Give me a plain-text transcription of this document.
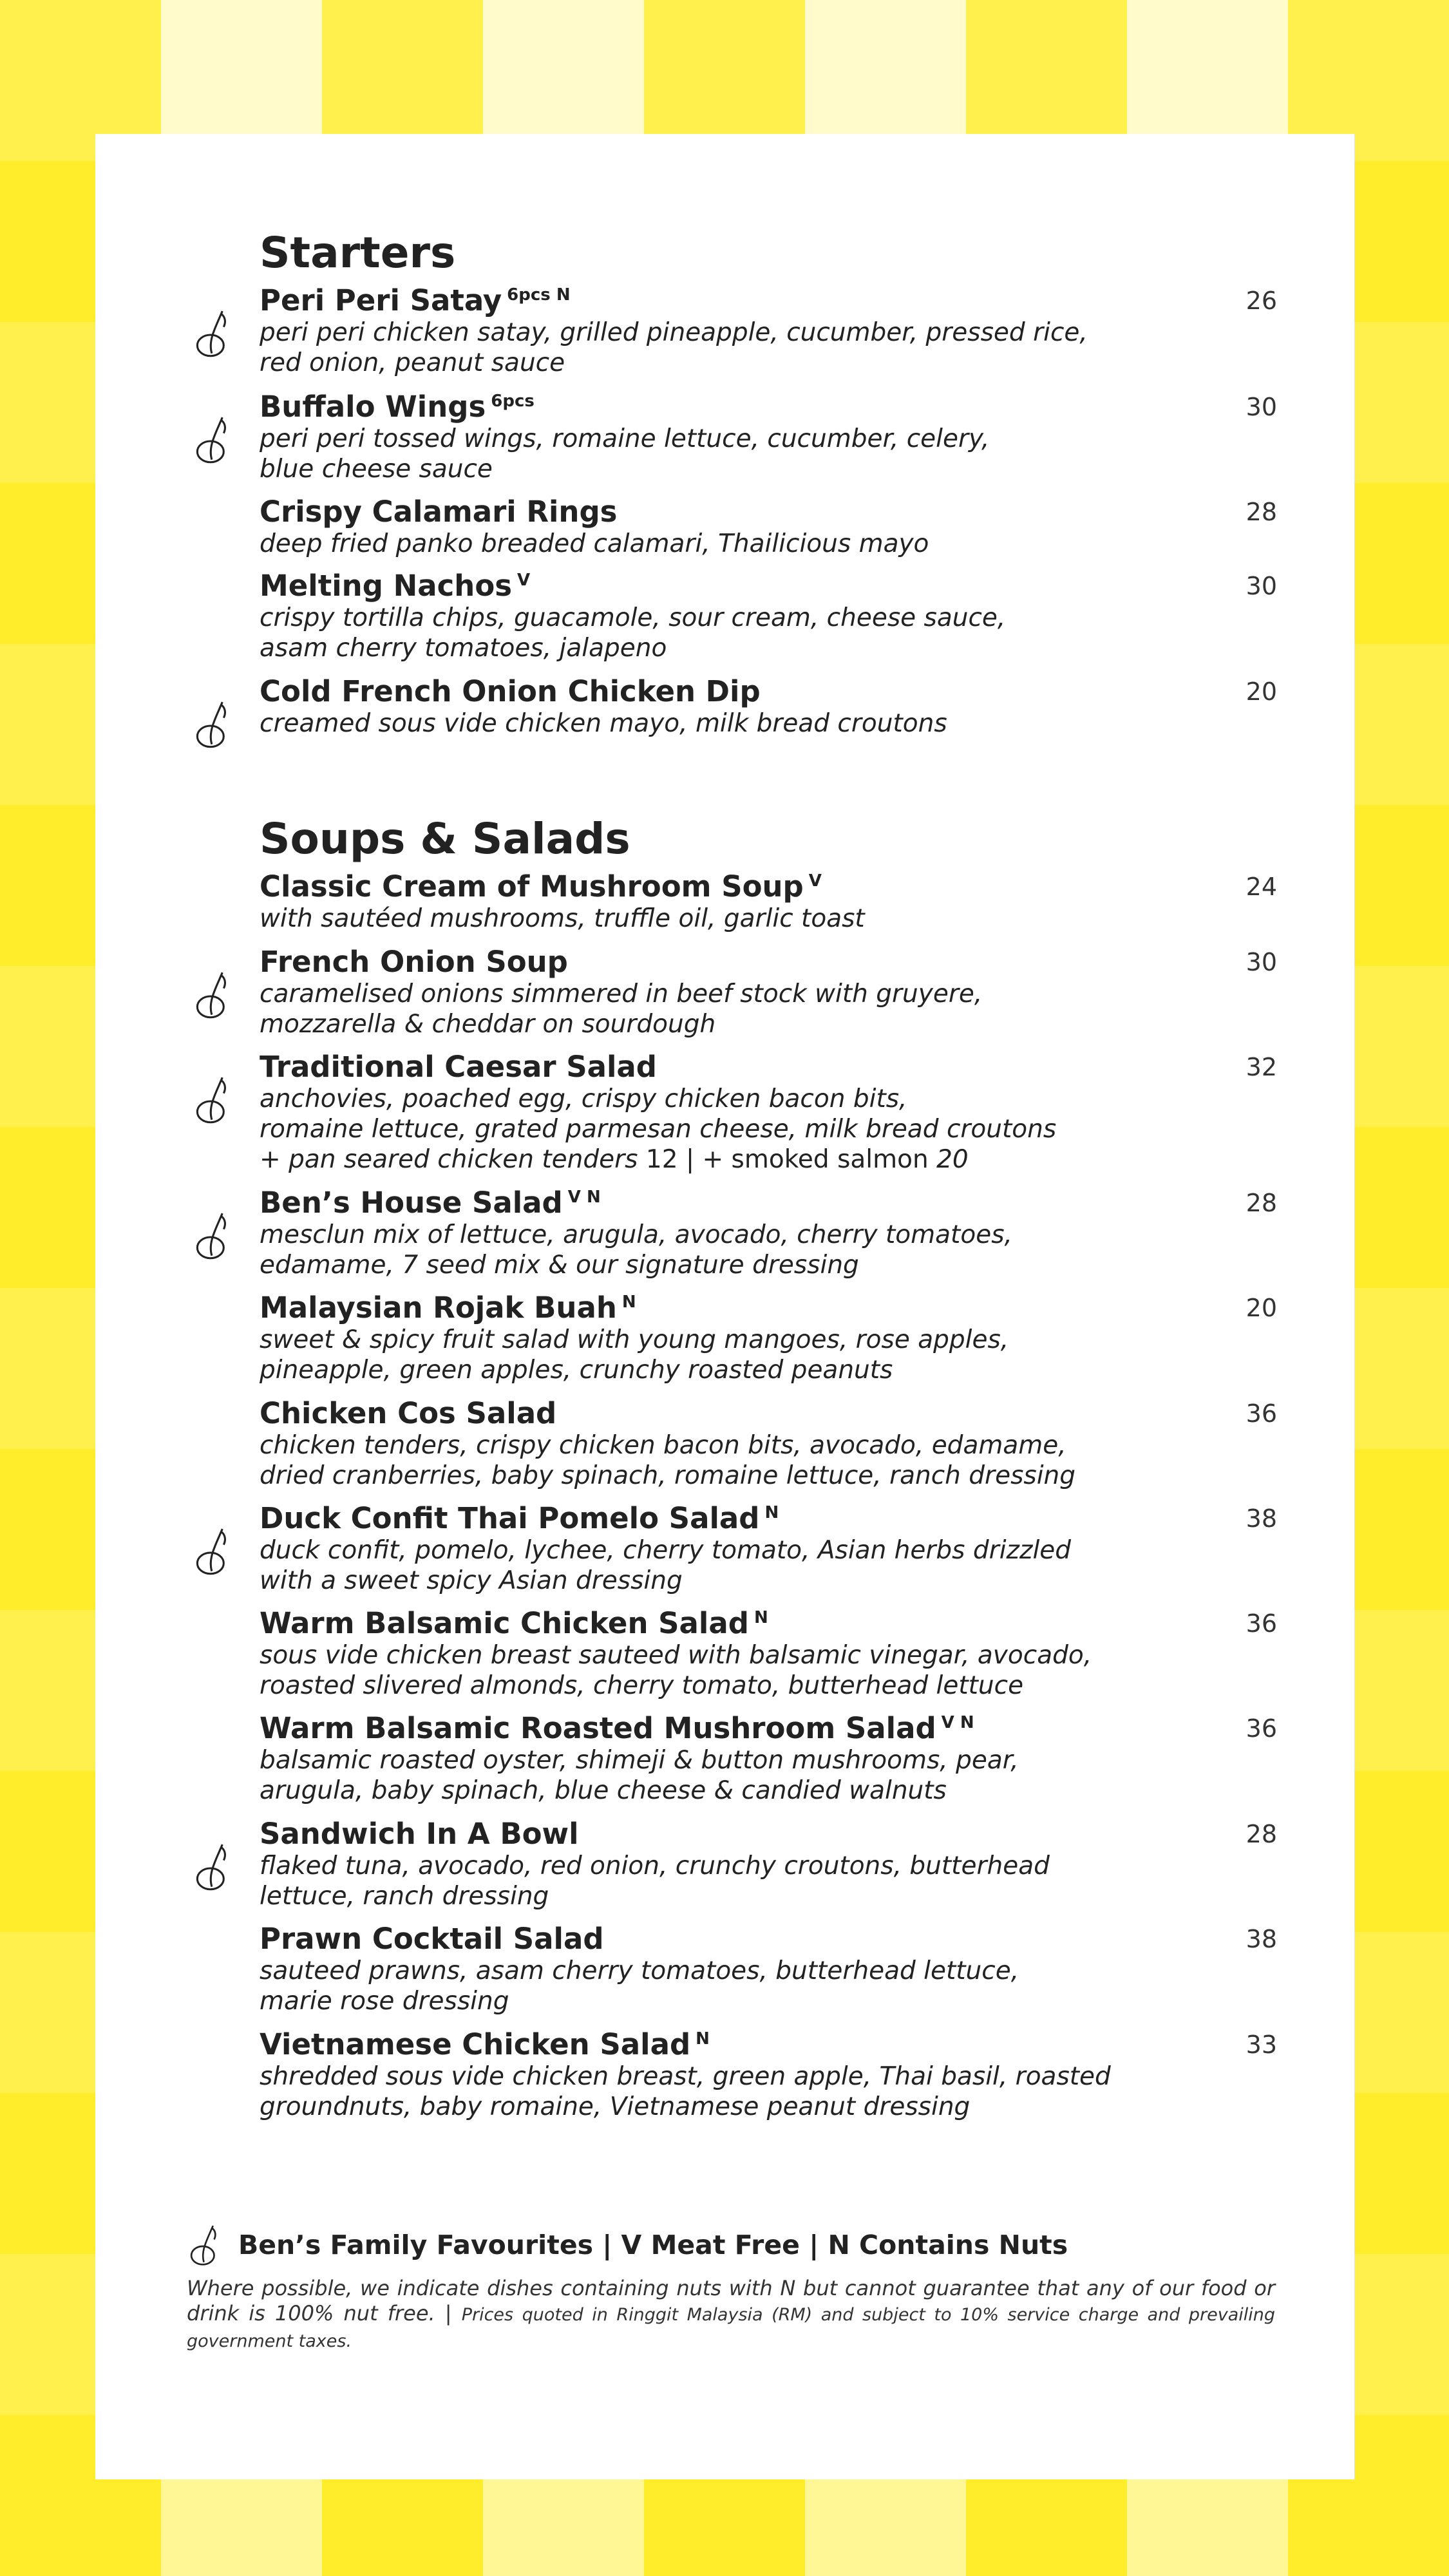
Starters
Peri Peri Satay $^{6pcs N}$
peri peri chicken satay, grilled pineapple, cucumber, pressed rice,
red onion, peanut sauce
26
Buffalo Wings $^{6pcs}$
peri peri tossed wings, romaine lettuce, cucumber, celery,
blue cheese sauce
30
Crispy Calamari Rings
deep fried panko breaded calamari, Thailicious mayo
28
Melting Nachos $^V$
crispy tortilla chips, guacamole, sour cream, cheese sauce,
asam cherry tomatoes, jalapeno
30
Cold French Onion Chicken Dip
creamed sous vide chicken mayo, milk bread croutons
20
Soups & Salads
Classic Cream of Mushroom Soup $^V$
with sautéed mushrooms, truffle oil, garlic toast
24
French Onion Soup
caramelised onions simmered in beef stock with gruyere,
mozzarella & cheddar on sourdough
30
Traditional Caesar Salad
anchovies, poached egg, crispy chicken bacon bits,
romaine lettuce, grated parmesan cheese, milk bread croutons
+ pan seared chicken tenders 12 | + smoked salmon 20
32
Ben’s House Salad $^{V N}$
mesclun mix of lettuce, arugula, avocado, cherry tomatoes,
edamame, 7 seed mix & our signature dressing
28
Malaysian Rojak Buah $^N$
sweet & spicy fruit salad with young mangoes, rose apples,
pineapple, green apples, crunchy roasted peanuts
20
Chicken Cos Salad
chicken tenders, crispy chicken bacon bits, avocado, edamame,
dried cranberries, baby spinach, romaine lettuce, ranch dressing
36
Duck Confit Thai Pomelo Salad $^N$
duck confit, pomelo, lychee, cherry tomato, Asian herbs drizzled
with a sweet spicy Asian dressing
38
Warm Balsamic Chicken Salad $^N$
sous vide chicken breast sauteed with balsamic vinegar, avocado,
roasted slivered almonds, cherry tomato, butterhead lettuce
36
Warm Balsamic Roasted Mushroom Salad $^{V N}$
balsamic roasted oyster, shimeji & button mushrooms, pear,
arugula, baby spinach, blue cheese & candied walnuts
36
Sandwich In A Bowl
flaked tuna, avocado, red onion, crunchy croutons, butterhead
lettuce, ranch dressing
28
Prawn Cocktail Salad
sauteed prawns, asam cherry tomatoes, butterhead lettuce,
marie rose dressing
38
Vietnamese Chicken Salad $^N$
shredded sous vide chicken breast, green apple, Thai basil, roasted
groundnuts, baby romaine, Vietnamese peanut dressing
33
Ben’s Family Favourites | V Meat Free | N Contains Nuts
Where possible, we indicate dishes containing nuts with N but cannot guarantee that any of our food or drink is 100% nut free. | Prices quoted in Ringgit Malaysia (RM) and subject to 10% service charge and prevailing government taxes.
